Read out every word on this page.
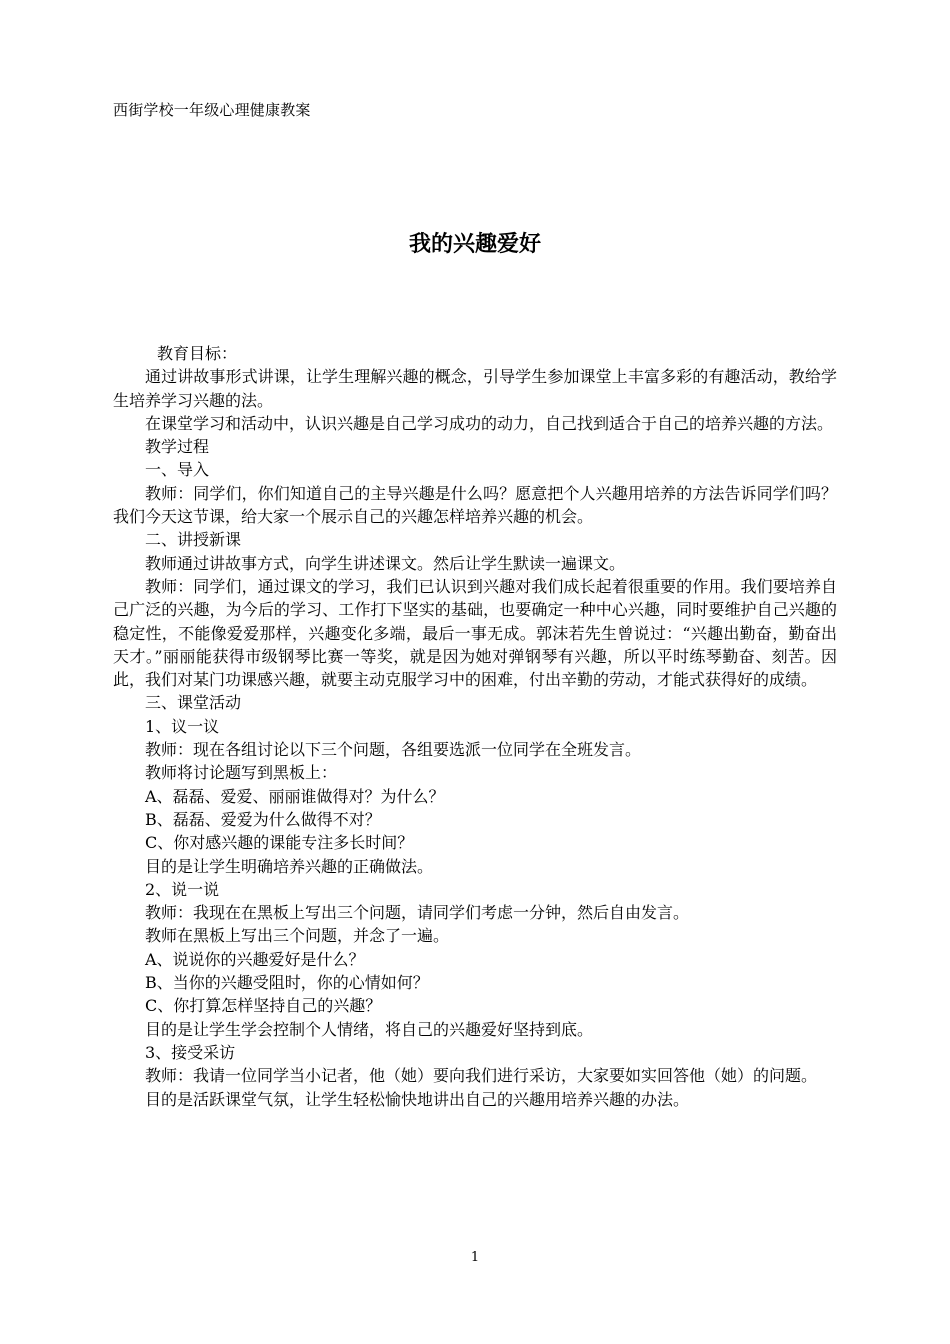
西街学校一年级心理健康教案
我的兴趣爱好

教育目标：

通过讲故事形式讲课，让学生理解兴趣的概念，引导学生参加课堂上丰富多彩的有趣活动，教给学生培养学习兴趣的法。

在课堂学习和活动中，认识兴趣是自己学习成功的动力，自己找到适合于自己的培养兴趣的方法。

教学过程

一、导入

教师：同学们，你们知道自己的主导兴趣是什么吗？愿意把个人兴趣用培养的方法告诉同学们吗？我们今天这节课，给大家一个展示自己的兴趣怎样培养兴趣的机会。

二、讲授新课

教师通过讲故事方式，向学生讲述课文。然后让学生默读一遍课文。

教师：同学们，通过课文的学习，我们已认识到兴趣对我们成长起着很重要的作用。我们要培养自己广泛的兴趣，为今后的学习、工作打下坚实的基础，也要确定一种中心兴趣，同时要维护自己兴趣的稳定性，不能像爱爱那样，兴趣变化多端，最后一事无成。郭沫若先生曾说过：“兴趣出勤奋，勤奋出天才。”丽丽能获得市级钢琴比赛一等奖，就是因为她对弹钢琴有兴趣，所以平时练琴勤奋、刻苦。因此，我们对某门功课感兴趣，就要主动克服学习中的困难，付出辛勤的劳动，才能式获得好的成绩。

三、课堂活动

1、议一议

教师：现在各组讨论以下三个问题，各组要选派一位同学在全班发言。

教师将讨论题写到黑板上：

A、磊磊、爱爱、丽丽谁做得对？为什么？

B、磊磊、爱爱为什么做得不对？

C、你对感兴趣的课能专注多长时间？

目的是让学生明确培养兴趣的正确做法。

2、说一说

教师：我现在在黑板上写出三个问题，请同学们考虑一分钟，然后自由发言。

教师在黑板上写出三个问题，并念了一遍。

A、说说你的兴趣爱好是什么？

B、当你的兴趣受阻时，你的心情如何？

C、你打算怎样坚持自己的兴趣？

目的是让学生学会控制个人情绪，将自己的兴趣爱好坚持到底。

3、接受采访

教师：我请一位同学当小记者，他（她）要向我们进行采访，大家要如实回答他（她）的问题。

目的是活跃课堂气氛，让学生轻松愉快地讲出自己的兴趣用培养兴趣的办法。

1
